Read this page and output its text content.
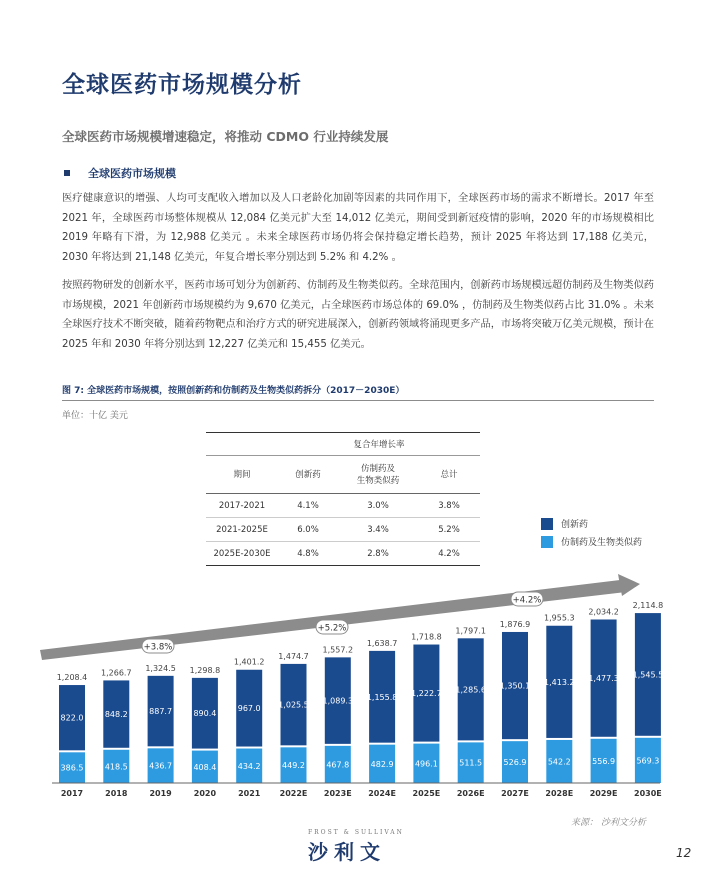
全球医药市场规模分析
全球医药市场规模增速稳定，将推动 CDMO 行业持续发展
全球医药市场规模
医疗健康意识的增强、人均可支配收入增加以及人口老龄化加剧等因素的共同作用下，全球医药市场的需求不断增长。2017 年至 2021 年，全球医药市场整体规模从 12,084 亿美元扩大至 14,012 亿美元，期间受到新冠疫情的影响，2020 年的市场规模相比 2019 年略有下滑，为 12,988 亿美元 。未来全球医药市场仍将会保持稳定增长趋势，预计 2025 年将达到 17,188 亿美元，2030 年将达到 21,148 亿美元，年复合增长率分别达到 5.2% 和 4.2% 。
按照药物研发的创新水平，医药市场可划分为创新药、仿制药及生物类似药。全球范围内，创新药市场规模远超仿制药及生物类似药市场规模，2021 年创新药市场规模约为 9,670 亿美元，占全球医药市场总体的 69.0% ，仿制药及生物类似药占比 31.0% 。未来全球医疗技术不断突破，随着药物靶点和治疗方式的研究进展深入，创新药领域将涌现更多产品，市场将突破万亿美元规模，预计在 2025 年和 2030 年将分别达到 12,227 亿美元和 15,455 亿美元。
图 7: 全球医药市场规模，按照创新药和仿制药及生物类似药拆分（2017－2030E）
单位：十亿 美元
	复合年增长率		
期间	创新药	仿制药及
生物类似药	总计
2017-2021	4.1%	3.0%	3.8%
2021-2025E	6.0%	3.4%	5.2%
2025E-2030E	4.8%	2.8%	4.2%
创新药
仿制药及生物类似药
+3.8%
+5.2%
+4.2%
386.5
822.0
1,208.4
2017
418.5
848.2
1,266.7
2018
436.7
887.7
1,324.5
2019
408.4
890.4
1,298.8
2020
434.2
967.0
1,401.2
2021
449.2
1,025.5
1,474.7
2022E
467.8
1,089.3
1,557.2
2023E
482.9
1,155.8
1,638.7
2024E
496.1
1,222.7
1,718.8
2025E
511.5
1,285.6
1,797.1
2026E
526.9
1,350.1
1,876.9
2027E
542.2
1,413.2
1,955.3
2028E
556.9
1,477.3
2,034.2
2029E
569.3
1,545.5
2,114.8
2030E
来源： 沙利文分析
FROST & SULLIVAN
沙利文	12
